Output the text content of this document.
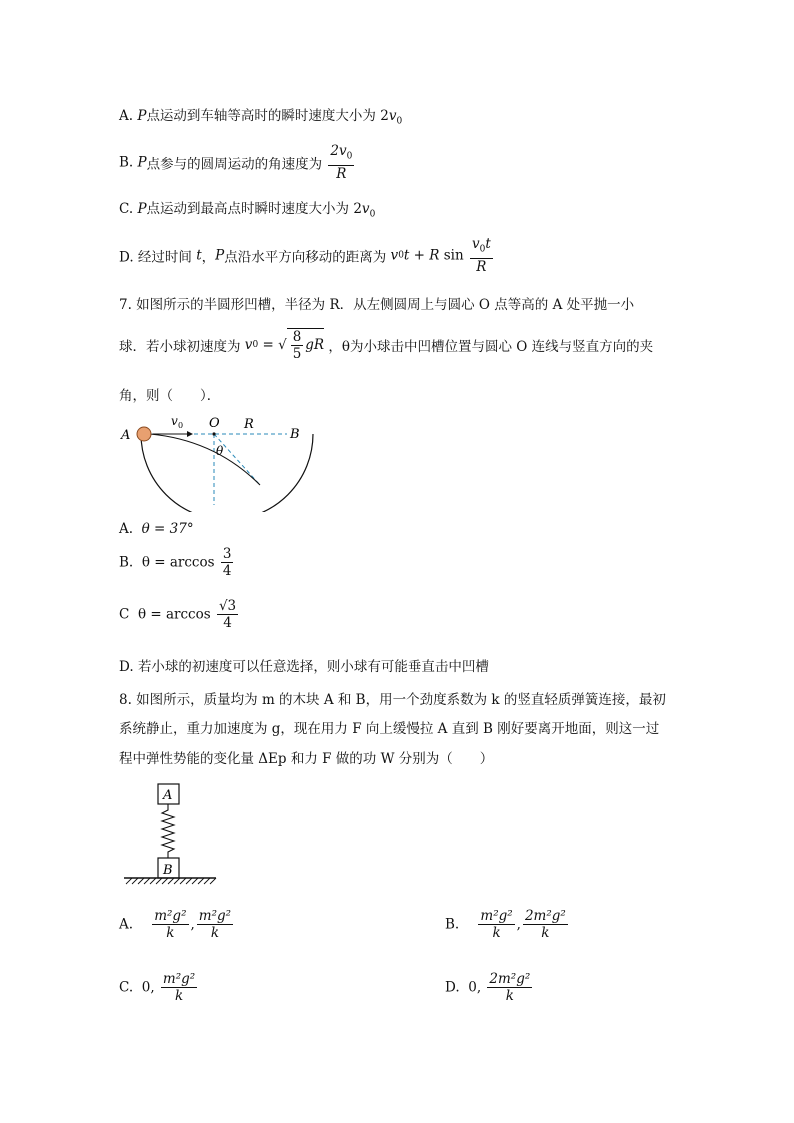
A. P点运动到车轴等高时的瞬时速度大小为 $2v_0$
B. P点参与的圆周运动的角速度为 $\frac{2v_0}{R}$
C. P点运动到最高点时瞬时速度大小为 $2v_0$
D. 经过时间 t，P点沿水平方向移动的距离为 v0t + R $\sin \frac{v_0t}{R}$
7. 如图所示的半圆形凹槽，半径为 R．从左侧圆周上与圆心 O 点等高的 A 处平抛一小
球．若小球初速度为 v0 = √ $\frac{8}{5}$ gR ，θ为小球击中凹槽位置与圆心 O 连线与竖直方向的夹
角，则（　　）．
A
v 0 O R
B
θ
A. θ = 37°
B. $\theta = \arccos \frac{3}{4}$
C $\theta = \arccos \frac{√3}{4}$
D. 若小球的初速度可以任意选择，则小球有可能垂直击中凹槽
8. 如图所示，质量均为 m 的木块 A 和 B，用一个劲度系数为 k 的竖直轻质弹簧连接，最初
系统静止，重力加速度为 g，现在用力 F 向上缓慢拉 A 直到 B 刚好要离开地面，则这一过
程中弹性势能的变化量 ΔEp 和力 F 做的功 W 分别为（　　）
A
B
A. $\frac{\text{m²g²}}{k}$ , $\frac{\text{m²g²}}{k}$	B. $\frac{\text{m²g²}}{k}$ , $\frac{\text{2m²g²}}{k}$
C. 0, $\frac{\text{m²g²}}{k}$	D. 0, $\frac{\text{2m²g²}}{k}$
